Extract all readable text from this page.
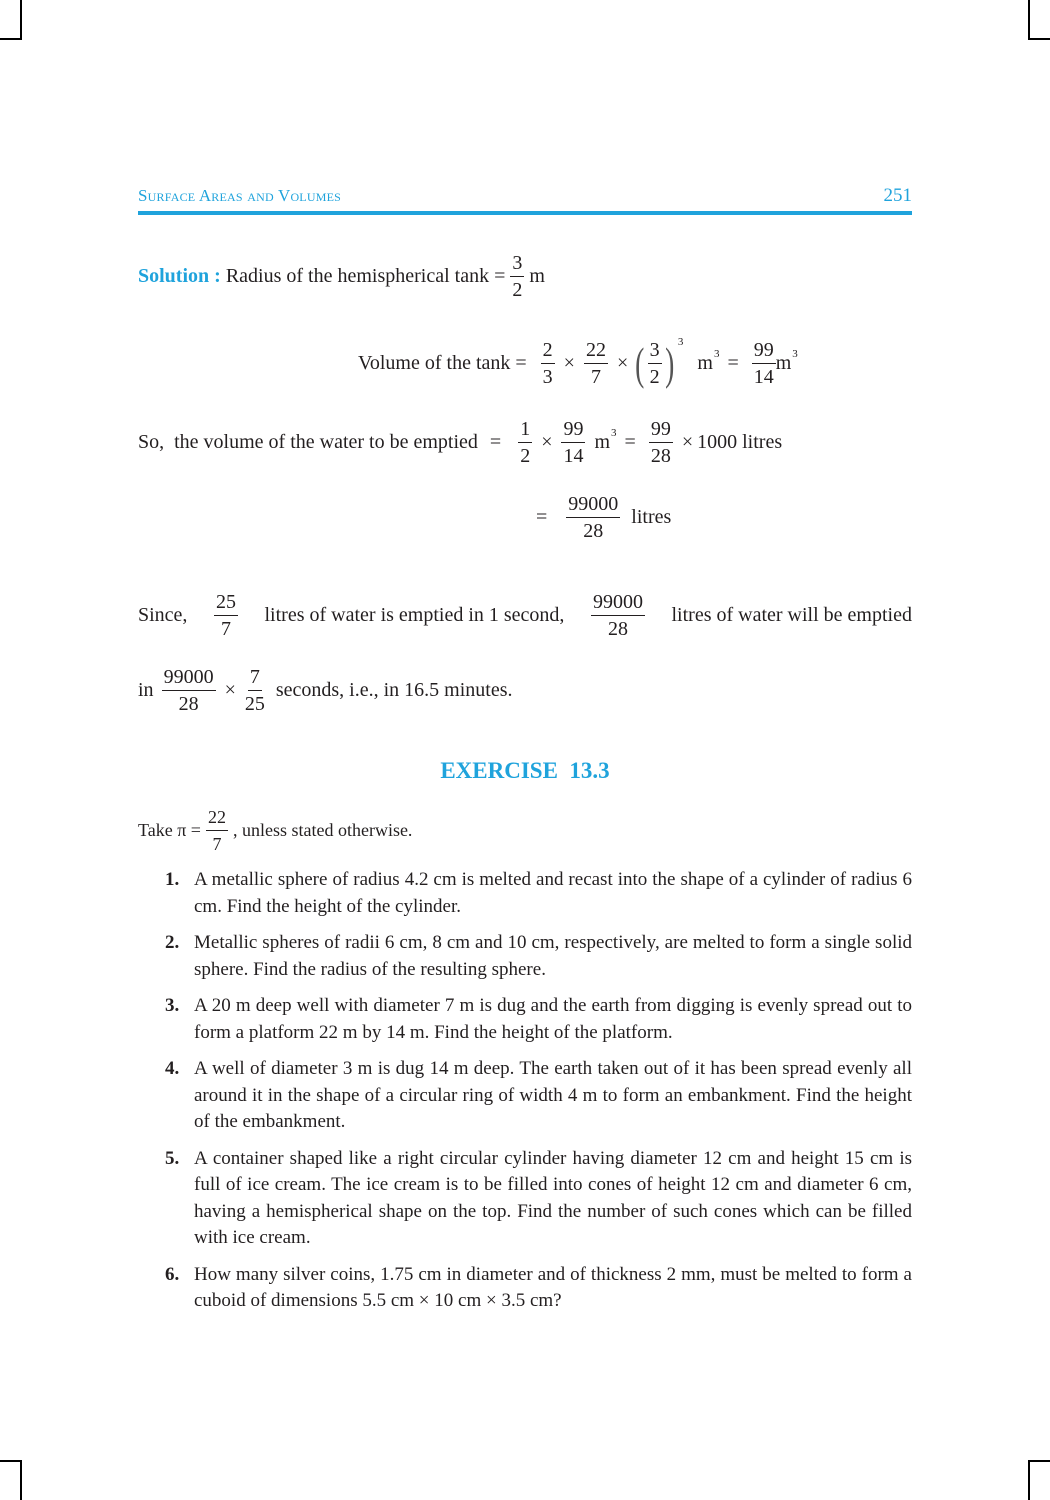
Surface Areas and Volumes	251
Solution :
Radius of the hemispherical $\tan k = \frac{3}{2}$ m
Volume of the $\tan k = \frac{2}{3} \times \frac{22}{7}$ × ( $\frac{3}{2}$ ) 3
m $3 = \frac{99}{14}$ m 3
So,  the volume of the water to be emptied = $\frac{1}{2} \times \frac{99}{14}$ m $3 = \frac{99}{28} \times 1000$
litres
= $\frac{99000}{28}$ litres
Since, $\frac{25}{7}$ litres of water is emptied in 1 second, $\frac{99000}{28}$ litres of water will be emptied
in $\frac{99000}{28} \times \frac{7}{25}$ seconds, i.e., in 16.5 minutes.
EXERCISE  13.3
Take $\pi = \frac{22}{7}$ , unless stated otherwise.
1. A metallic sphere of radius 4.2 cm is melted and recast into the shape of a cylinder of radius 6 cm. Find the height of the cylinder.
2. Metallic spheres of radii 6 cm, 8 cm and 10 cm, respectively, are melted to form a single solid sphere. Find the radius of the resulting sphere.
3. A 20 m deep well with diameter 7 m is dug and the earth from digging is evenly spread out to form a platform 22 m by 14 m. Find the height of the platform.
4. A well of diameter 3 m is dug 14 m deep. The earth taken out of it has been spread evenly all around it in the shape of a circular ring of width 4 m to form an embankment. Find the height of the embankment.
5. A container shaped like a right circular cylinder having diameter 12 cm and height 15 cm is full of ice cream. The ice cream is to be filled into cones of height 12 cm and diameter 6 cm, having a hemispherical shape on the top. Find the number of such cones which can be filled with ice cream.
6. How many silver coins, 1.75 cm in diameter and of thickness 2 mm, must be melted to form a cuboid of dimensions 5.5 cm × 10 cm × 3.5 cm?
